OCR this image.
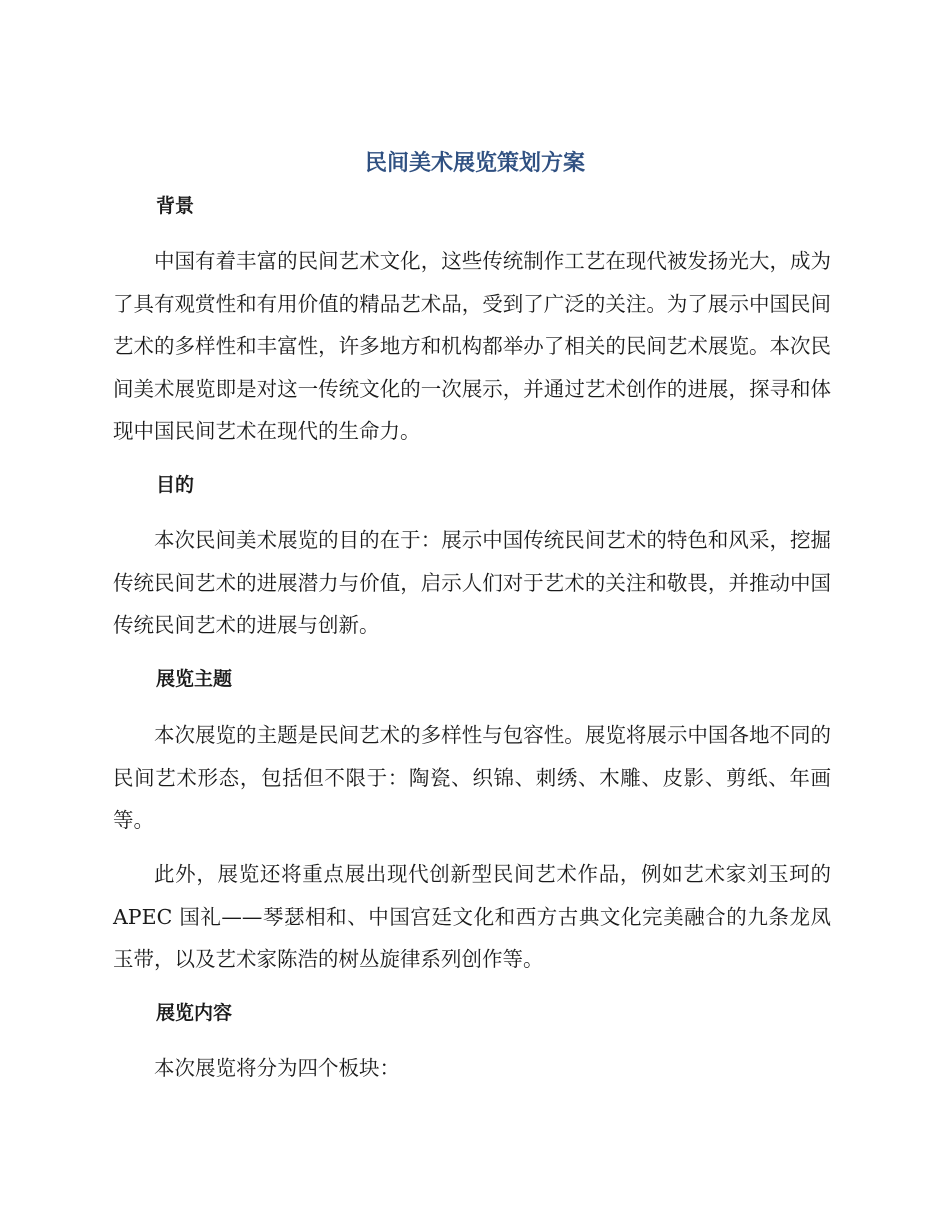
民间美术展览策划方案
背景

中国有着丰富的民间艺术文化，这些传统制作工艺在现代被发扬光大，成为了具有观赏性和有用价值的精品艺术品，受到了广泛的关注。为了展示中国民间艺术的多样性和丰富性，许多地方和机构都举办了相关的民间艺术展览。本次民间美术展览即是对这一传统文化的一次展示，并通过艺术创作的进展，探寻和体现中国民间艺术在现代的生命力。

目的

本次民间美术展览的目的在于：展示中国传统民间艺术的特色和风采，挖掘传统民间艺术的进展潜力与价值，启示人们对于艺术的关注和敬畏，并推动中国传统民间艺术的进展与创新。

展览主题

本次展览的主题是民间艺术的多样性与包容性。展览将展示中国各地不同的民间艺术形态，包括但不限于：陶瓷、织锦、刺绣、木雕、皮影、剪纸、年画等。

此外，展览还将重点展出现代创新型民间艺术作品，例如艺术家刘玉珂的 APEC 国礼——琴瑟相和、中国宫廷文化和西方古典文化完美融合的九条龙凤玉带，以及艺术家陈浩的树丛旋律系列创作等。

展览内容

本次展览将分为四个板块：
